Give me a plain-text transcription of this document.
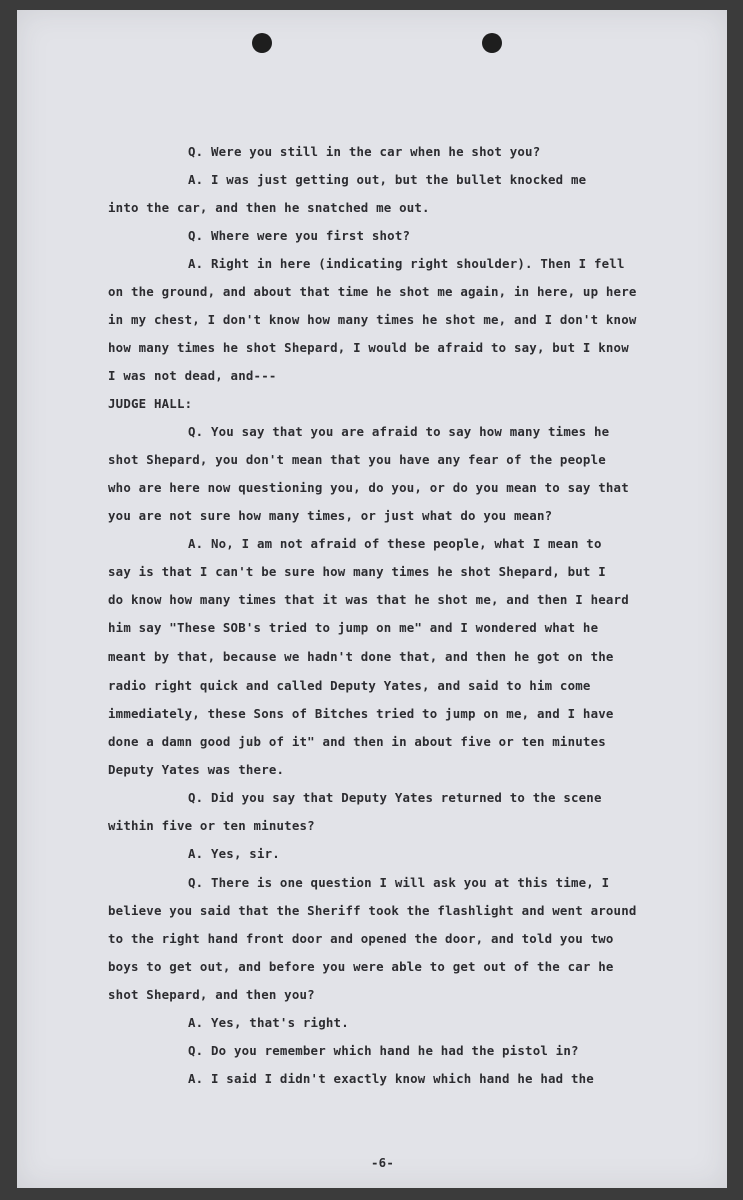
Q. Were you still in the car when he shot you?
A. I was just getting out, but the bullet knocked me
into the car, and then he snatched me out.
Q. Where were you first shot?
A. Right in here (indicating right shoulder). Then I fell
on the ground, and about that time he shot me again, in here, up here
in my chest, I don't know how many times he shot me, and I don't know
how many times he shot Shepard, I would be afraid to say, but I know
I was not dead, and---
JUDGE HALL:
Q. You say that you are afraid to say how many times he
shot Shepard, you don't mean that you have any fear of the people
who are here now questioning you, do you, or do you mean to say that
you are not sure how many times, or just what do you mean?
A. No, I am not afraid of these people, what I mean to
say is that I can't be sure how many times he shot Shepard, but I
do know how many times that it was that he shot me, and then I heard
him say "These SOB's tried to jump on me" and I wondered what he
meant by that, because we hadn't done that, and then he got on the
radio right quick and called Deputy Yates, and said to him come
immediately, these Sons of Bitches tried to jump on me, and I have
done a damn good jub of it" and then in about five or ten minutes
Deputy Yates was there.
Q. Did you say that Deputy Yates returned to the scene
within five or ten minutes?
A. Yes, sir.
Q. There is one question I will ask you at this time, I
believe you said that the Sheriff took the flashlight and went around
to the right hand front door and opened the door, and told you two
boys to get out, and before you were able to get out of the car he
shot Shepard, and then you?
A. Yes, that's right.
Q. Do you remember which hand he had the pistol in?
A. I said I didn't exactly know which hand he had the
-6-
